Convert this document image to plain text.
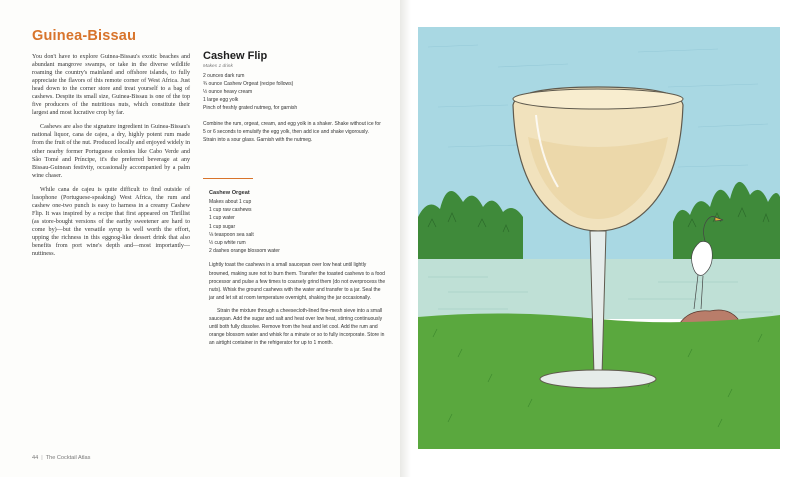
Guinea-Bissau

You don't have to explore Guinea-Bissau's exotic beaches and abundant mangrove swamps, or take in the diverse wildlife roaming the country's mainland and offshore islands, to fully appreciate the flavors of this remote corner of West Africa. Just head down to the corner store and treat yourself to a bag of cashews. Despite its small size, Guinea-Bissau is one of the top five producers of the nutritious nuts, which constitute their largest and most lucrative crop by far.

Cashews are also the signature ingredient in Guinea-Bissau's national liquor, cana de cajeu, a dry, highly potent rum made from the fruit of the nut. Produced locally and enjoyed widely in other nearby former Portuguese colonies like Cabo Verde and São Tomé and Príncipe, it's the preferred beverage at any Bissau-Guinean festivity, occasionally accompanied by a palm wine chaser.

While cana de cajeu is quite difficult to find outside of lusophone (Portuguese-speaking) West Africa, the rum and cashew one-two punch is easy to harness in a creamy Cashew Flip. It was inspired by a recipe that first appeared on Thrillist (as store-bought versions of the earthy sweetener are hard to come by)—but the versatile syrup is well worth the effort, upping the richness in this eggnog-like dessert drink that also benefits from port wine's depth and—most importantly—nuttiness.

Cashew Flip
Makes 1 drink
2 ounces dark rum
¾ ounce Cashew Orgeat (recipe follows)
½ ounce heavy cream
1 large egg yolk
Pinch of freshly grated nutmeg, for garnish

Combine the rum, orgeat, cream, and egg yolk in a shaker. Shake without ice for 5 or 6 seconds to emulsify the egg yolk, then add ice and shake vigorously. Strain into a sour glass. Garnish with the nutmeg.

Cashew Orgeat
Makes about 1 cup
1 cup raw cashews
1 cup water
1 cup sugar
⅛ teaspoon sea salt
½ cup white rum
2 dashes orange blossom water

Lightly toast the cashews in a small saucepan over low heat until lightly browned, making sure not to burn them. Transfer the toasted cashews to a food processor and pulse a few times to coarsely grind them (do not overprocess the nuts). Whisk the ground cashews with the water and transfer to a jar. Seal the jar and let sit at room temperature overnight, shaking the jar occasionally.

Strain the mixture through a cheesecloth-lined fine-mesh sieve into a small saucepan. Add the sugar and salt and heat over low heat, stirring continuously until both fully dissolve. Remove from the heat and let cool. Add the rum and orange blossom water and whisk for a minute or so to fully incorporate. Store in an airtight container in the refrigerator for up to 1 month.

44 | The Cocktail Atlas
